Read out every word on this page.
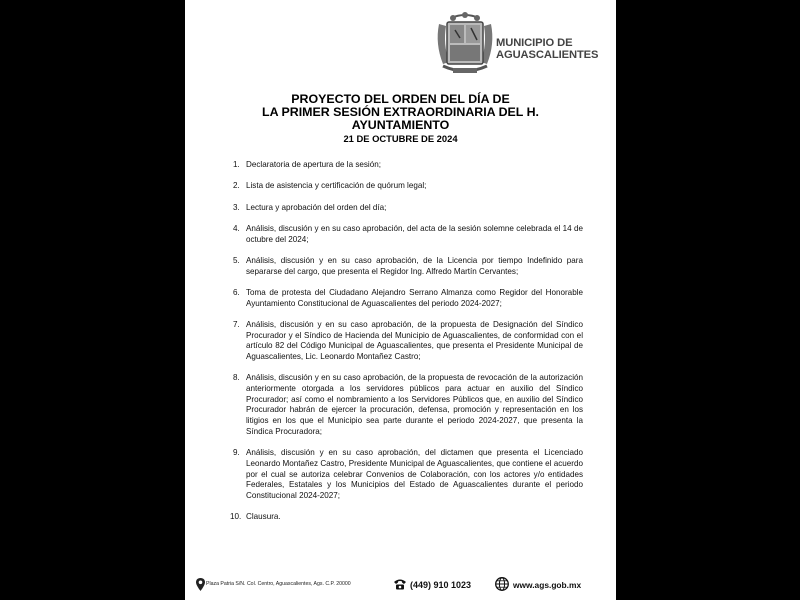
MUNICIPIO DE
AGUASCALIENTES
PROYECTO DEL ORDEN DEL DÍA DE
LA PRIMER SESIÓN EXTRAORDINARIA DEL H.
AYUNTAMIENTO
21 DE OCTUBRE DE 2024
1. Declaratoria de apertura de la sesión;
2. Lista de asistencia y certificación de quórum legal;
3. Lectura y aprobación del orden del día;
4. Análisis, discusión y en su caso aprobación, del acta de la sesión solemne celebrada el 14 de octubre del 2024;
5. Análisis, discusión y en su caso aprobación, de la Licencia por tiempo Indefinido para separarse del cargo, que presenta el Regidor Ing. Alfredo Martín Cervantes;
6. Toma de protesta del Ciudadano Alejandro Serrano Almanza como Regidor del Honorable Ayuntamiento Constitucional de Aguascalientes del periodo 2024-2027;
7. Análisis, discusión y en su caso aprobación, de la propuesta de Designación del Síndico Procurador y el Síndico de Hacienda del Municipio de Aguascalientes, de conformidad con el artículo 82 del Código Municipal de Aguascalientes, que presenta el Presidente Municipal de Aguascalientes, Lic. Leonardo Montañez Castro;
8. Análisis, discusión y en su caso aprobación, de la propuesta de revocación de la autorización anteriormente otorgada a los servidores públicos para actuar en auxilio del Síndico Procurador; así como el nombramiento a los Servidores Públicos que, en auxilio del Síndico Procurador habrán de ejercer la procuración, defensa, promoción y representación en los litigios en los que el Municipio sea parte durante el periodo 2024-2027, que presenta la Síndica Procuradora;
9. Análisis, discusión y en su caso aprobación, del dictamen que presenta el Licenciado Leonardo Montañez Castro, Presidente Municipal de Aguascalientes, que contiene el acuerdo por el cual se autoriza celebrar Convenios de Colaboración, con los actores y/o entidades Federales, Estatales y los Municipios del Estado de Aguascalientes durante el periodo Constitucional 2024-2027;
10. Clausura.
Plaza Patria S/N. Col. Centro, Aguascalientes, Ags. C.P. 20000	(449) 910 1023	www.ags.gob.mx
